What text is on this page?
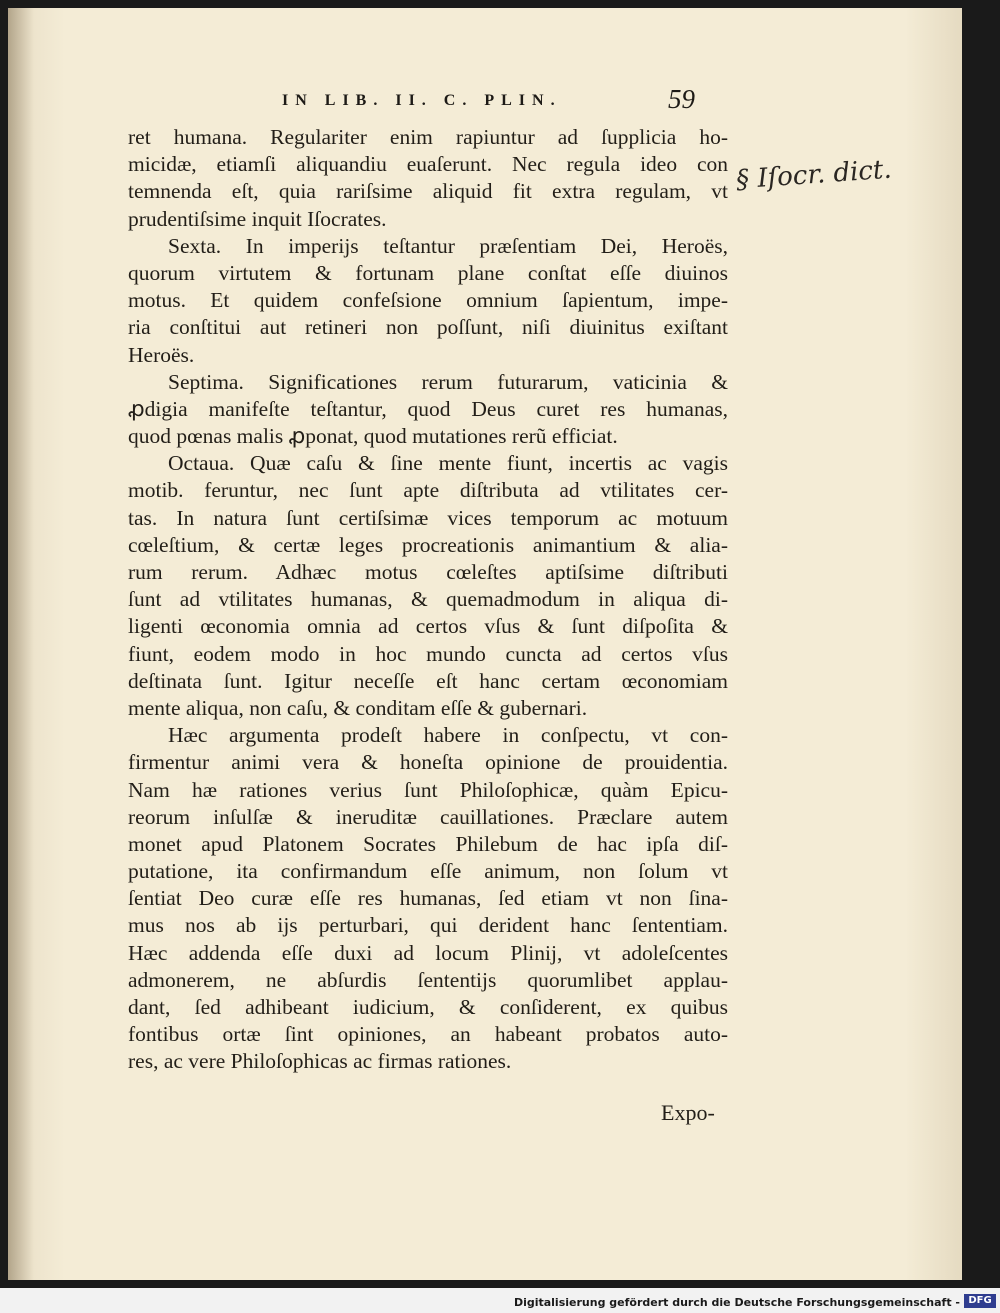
IN LIB. II. C. PLIN.	59
ret humana. Regulariter enim rapiuntur ad ſupplicia ho-
micidæ, etiamſi aliquandiu euaſerunt. Nec regula ideo con
temnenda eſt, quia rariſsime aliquid fit extra regulam, vt
prudentiſsime inquit Iſocrates.
Sexta. In imperijs teſtantur præſentiam Dei, Heroës,
quorum virtutem & fortunam plane conſtat eſſe diuinos
motus. Et quidem confeſsione omnium ſapientum, impe-
ria conſtitui aut retineri non poſſunt, niſi diuinitus exiſtant
Heroës.
Septima. Significationes rerum futurarum, vaticinia &
ꝓdigia manifeſte teſtantur, quod Deus curet res humanas,
quod pœnas malis ꝓponat, quod mutationes rerũ efficiat.
Octaua. Quæ caſu & ſine mente fiunt, incertis ac vagis
motib. feruntur, nec ſunt apte diſtributa ad vtilitates cer-
tas. In natura ſunt certiſsimæ vices temporum ac motuum
cœleſtium, & certæ leges procreationis animantium & alia-
rum rerum. Adhæc motus cœleſtes aptiſsime diſtributi
ſunt ad vtilitates humanas, & quemadmodum in aliqua di-
ligenti œconomia omnia ad certos vſus & ſunt diſpoſita &
fiunt, eodem modo in hoc mundo cuncta ad certos vſus
deſtinata ſunt. Igitur neceſſe eſt hanc certam œconomiam
mente aliqua, non caſu, & conditam eſſe & gubernari.
Hæc argumenta prodeſt habere in conſpectu, vt con-
firmentur animi vera & honeſta opinione de prouidentia.
Nam hæ rationes verius ſunt Philoſophicæ, quàm Epicu-
reorum inſulſæ & ineruditæ cauillationes. Præclare autem
monet apud Platonem Socrates Philebum de hac ipſa diſ-
putatione, ita confirmandum eſſe animum, non ſolum vt
ſentiat Deo curæ eſſe res humanas, ſed etiam vt non ſina-
mus nos ab ijs perturbari, qui derident hanc ſententiam.
Hæc addenda eſſe duxi ad locum Plinij, vt adoleſcentes
admonerem, ne abſurdis ſententijs quorumlibet applau-
dant, ſed adhibeant iudicium, & conſiderent, ex quibus
fontibus ortæ ſint opiniones, an habeant probatos auto-
res, ac vere Philoſophicas ac firmas rationes.
§ Iſocr. dict.
Expo-
Digitalisierung gefördert durch die Deutsche Forschungsgemeinschaft - DFG
